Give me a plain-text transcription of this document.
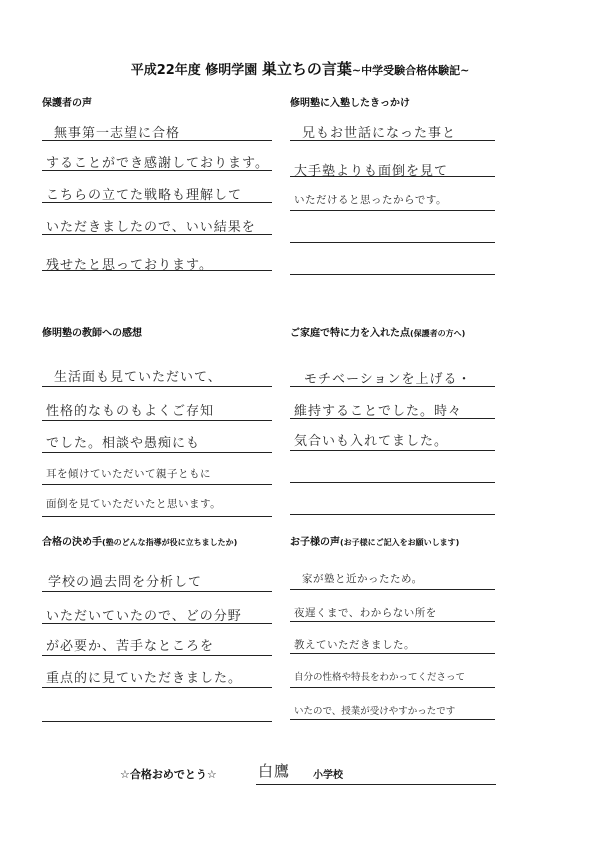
平成22年度 修明学園 巣立ちの言葉~中学受験合格体験記~
保護者の声
無事第一志望に合格
することができ感謝しております。
こちらの立てた戦略も理解して
いただきましたので、いい結果を
残せたと思っております。
修明塾に入塾したきっかけ
兄もお世話になった事と
大手塾よりも面倒を見て
いただけると思ったからです。
修明塾の教師への感想
生活面も見ていただいて、
性格的なものもよくご存知
でした。相談や愚痴にも
耳を傾けていただいて親子ともに
面倒を見ていただいたと思います。
ご家庭で特に力を入れた点(保護者の方へ)
モチベーションを上げる・
維持することでした。時々
気合いも入れてました。
合格の決め手(塾のどんな指導が役に立ちましたか)
学校の過去問を分析して
いただいていたので、どの分野
が必要か、苦手なところを
重点的に見ていただきました。
お子様の声(お子様にご記入をお願いします)
家が塾と近かったため。
夜遅くまで、わからない所を
教えていただきました。
自分の性格や特長をわかってくださって
いたので、授業が受けやすかったです
☆合格おめでとう☆	白鷹 小学校
